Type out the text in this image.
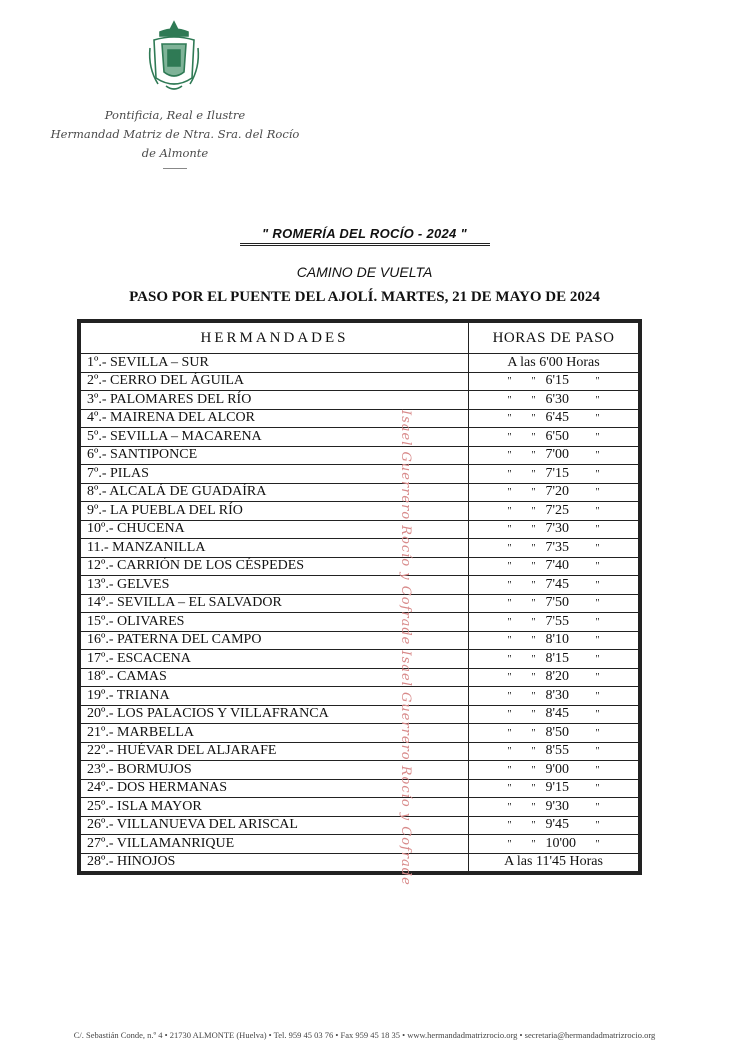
Pontificia, Real e Ilustre
Hermandad Matriz de Ntra. Sra. del Rocío
de Almonte
" ROMERÍA DEL ROCÍO - 2024 "
CAMINO DE VUELTA
PASO POR EL PUENTE DEL AJOLÍ. MARTES, 21 DE MAYO DE 2024
HERMANDADES	HORAS DE PASO
1º.- SEVILLA – SUR	A las 6'00 Horas
2º.- CERRO DEL ÁGUILA	" " 6'15 "
3º.- PALOMARES DEL RÍO	" " 6'30 "
4º.- MAIRENA DEL ALCOR	" " 6'45 "
5º.- SEVILLA – MACARENA	" " 6'50 "
6º.- SANTIPONCE	" " 7'00 "
7º.- PILAS	" " 7'15 "
8º.- ALCALÁ DE GUADAÍRA	" " 7'20 "
9º.- LA PUEBLA DEL RÍO	" " 7'25 "
10º.- CHUCENA	" " 7'30 "
11.- MANZANILLA	" " 7'35 "
12º.- CARRIÓN DE LOS CÉSPEDES	" " 7'40 "
13º.- GELVES	" " 7'45 "
14º.- SEVILLA – EL SALVADOR	" " 7'50 "
15º.- OLIVARES	" " 7'55 "
16º.- PATERNA DEL CAMPO	" " 8'10 "
17º.- ESCACENA	" " 8'15 "
18º.- CAMAS	" " 8'20 "
19º.- TRIANA	" " 8'30 "
20º.- LOS PALACIOS Y VILLAFRANCA	" " 8'45 "
21º.- MARBELLA	" " 8'50 "
22º.- HUÉVAR DEL ALJARAFE	" " 8'55 "
23º.- BORMUJOS	" " 9'00 "
24º.- DOS HERMANAS	" " 9'15 "
25º.- ISLA MAYOR	" " 9'30 "
26º.- VILLANUEVA DEL ARISCAL	" " 9'45 "
27º.- VILLAMANRIQUE	" " 10'00 "
28º.- HINOJOS	A las 11'45 Horas
Isael Guerrero Rocío y Cofrade Isael Guerrero Rocío y Cofrade
C/. Sebastián Conde, n.º 4 • 21730 ALMONTE (Huelva) • Tel. 959 45 03 76 • Fax 959 45 18 35 • www.hermandadmatrizrocio.org • secretaria@hermandadmatrizrocio.org
